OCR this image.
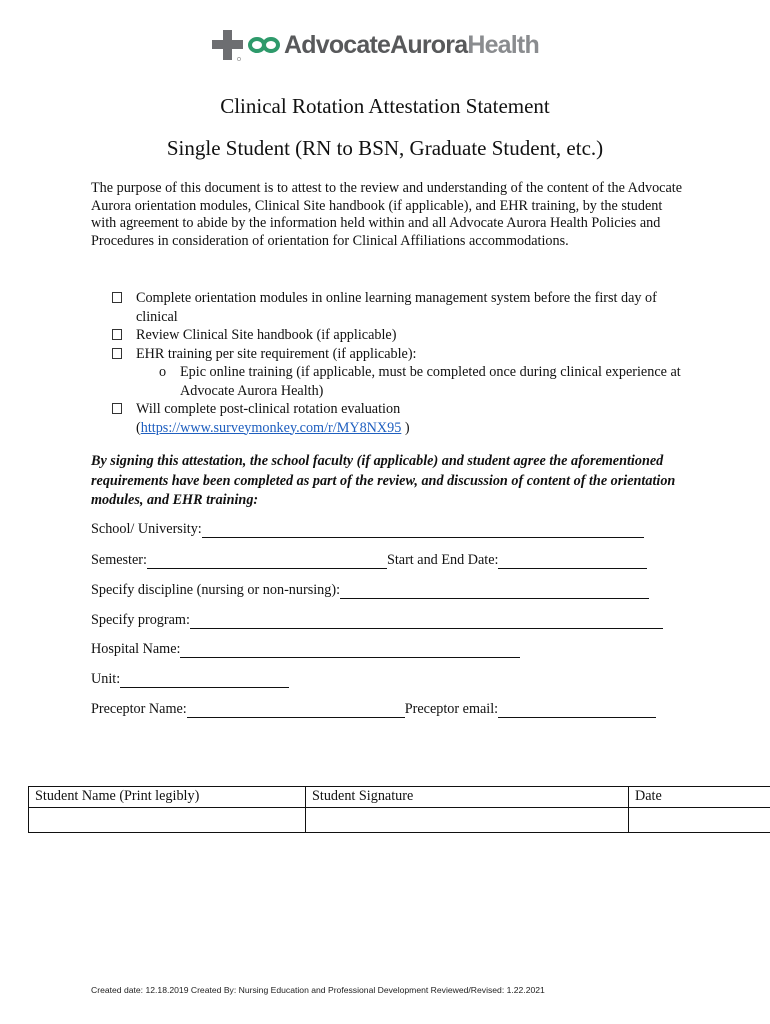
AdvocateAuroraHealth
Clinical Rotation Attestation Statement
Single Student (RN to BSN, Graduate Student, etc.)
The purpose of this document is to attest to the review and understanding of the content of the Advocate Aurora orientation modules, Clinical Site handbook (if applicable), and EHR training, by the student with agreement to abide by the information held within and all Advocate Aurora Health Policies and Procedures in consideration of orientation for Clinical Affiliations accommodations.
Complete orientation modules in online learning management system before the first day of clinical
Review Clinical Site handbook (if applicable)
EHR training per site requirement (if applicable):
o Epic online training (if applicable, must be completed once during clinical experience at Advocate Aurora Health)
Will complete post-clinical rotation evaluation
(https://www.surveymonkey.com/r/MY8NX95 )
By signing this attestation, the school faculty (if applicable) and student agree the aforementioned requirements have been completed as part of the review, and discussion of content of the orientation modules, and EHR training:
School/ University:
Semester:	Start and End Date:
Specify discipline (nursing or non-nursing):
Specify program:
Hospital Name:
Unit:
Preceptor Name:	Preceptor email:
Student Name (Print legibly)	Student Signature	Date

Created date: 12.18.2019 Created By: Nursing Education and Professional Development Reviewed/Revised: 1.22.2021
